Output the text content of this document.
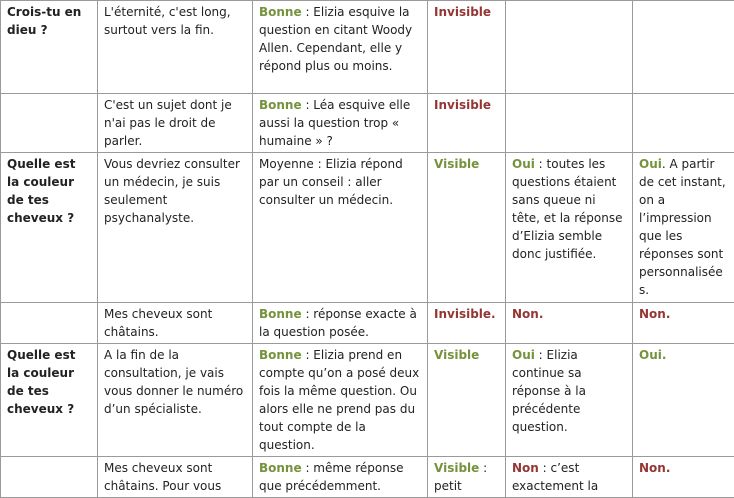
Crois-tu en dieu ?	L'éternité, c'est long, surtout vers la fin.	Bonne : Elizia esquive la question en citant Woody Allen. Cependant, elle y répond plus ou moins.	Invisible		
	C'est un sujet dont je n'ai pas le droit de parler.	Bonne : Léa esquive elle aussi la question trop « humaine » ?	Invisible		
Quelle est la couleur de tes cheveux ?	Vous devriez consulter un médecin, je suis seulement psychanalyste.	Moyenne : Elizia répond par un conseil : aller consulter un médecin.	Visible	Oui : toutes les questions étaient sans queue ni tête, et la réponse d’Elizia semble donc justifiée.	Oui. A partir de cet instant, on a l’impression que les réponses sont personnalisées.
	Mes cheveux sont châtains.	Bonne : réponse exacte à la question posée.	Invisible.	Non.	Non.
Quelle est la couleur de tes cheveux ?	A la fin de la consultation, je vais vous donner le numéro d’un spécialiste.	Bonne : Elizia prend en compte qu’on a posé deux fois la même question. Ou alors elle ne prend pas du tout compte de la question.	Visible	Oui : Elizia continue sa réponse à la précédente question.	Oui.
	Mes cheveux sont châtains. Pour vous	Bonne : même réponse que précédemment.	Visible : petit	Non : c’est exactement la	Non.
